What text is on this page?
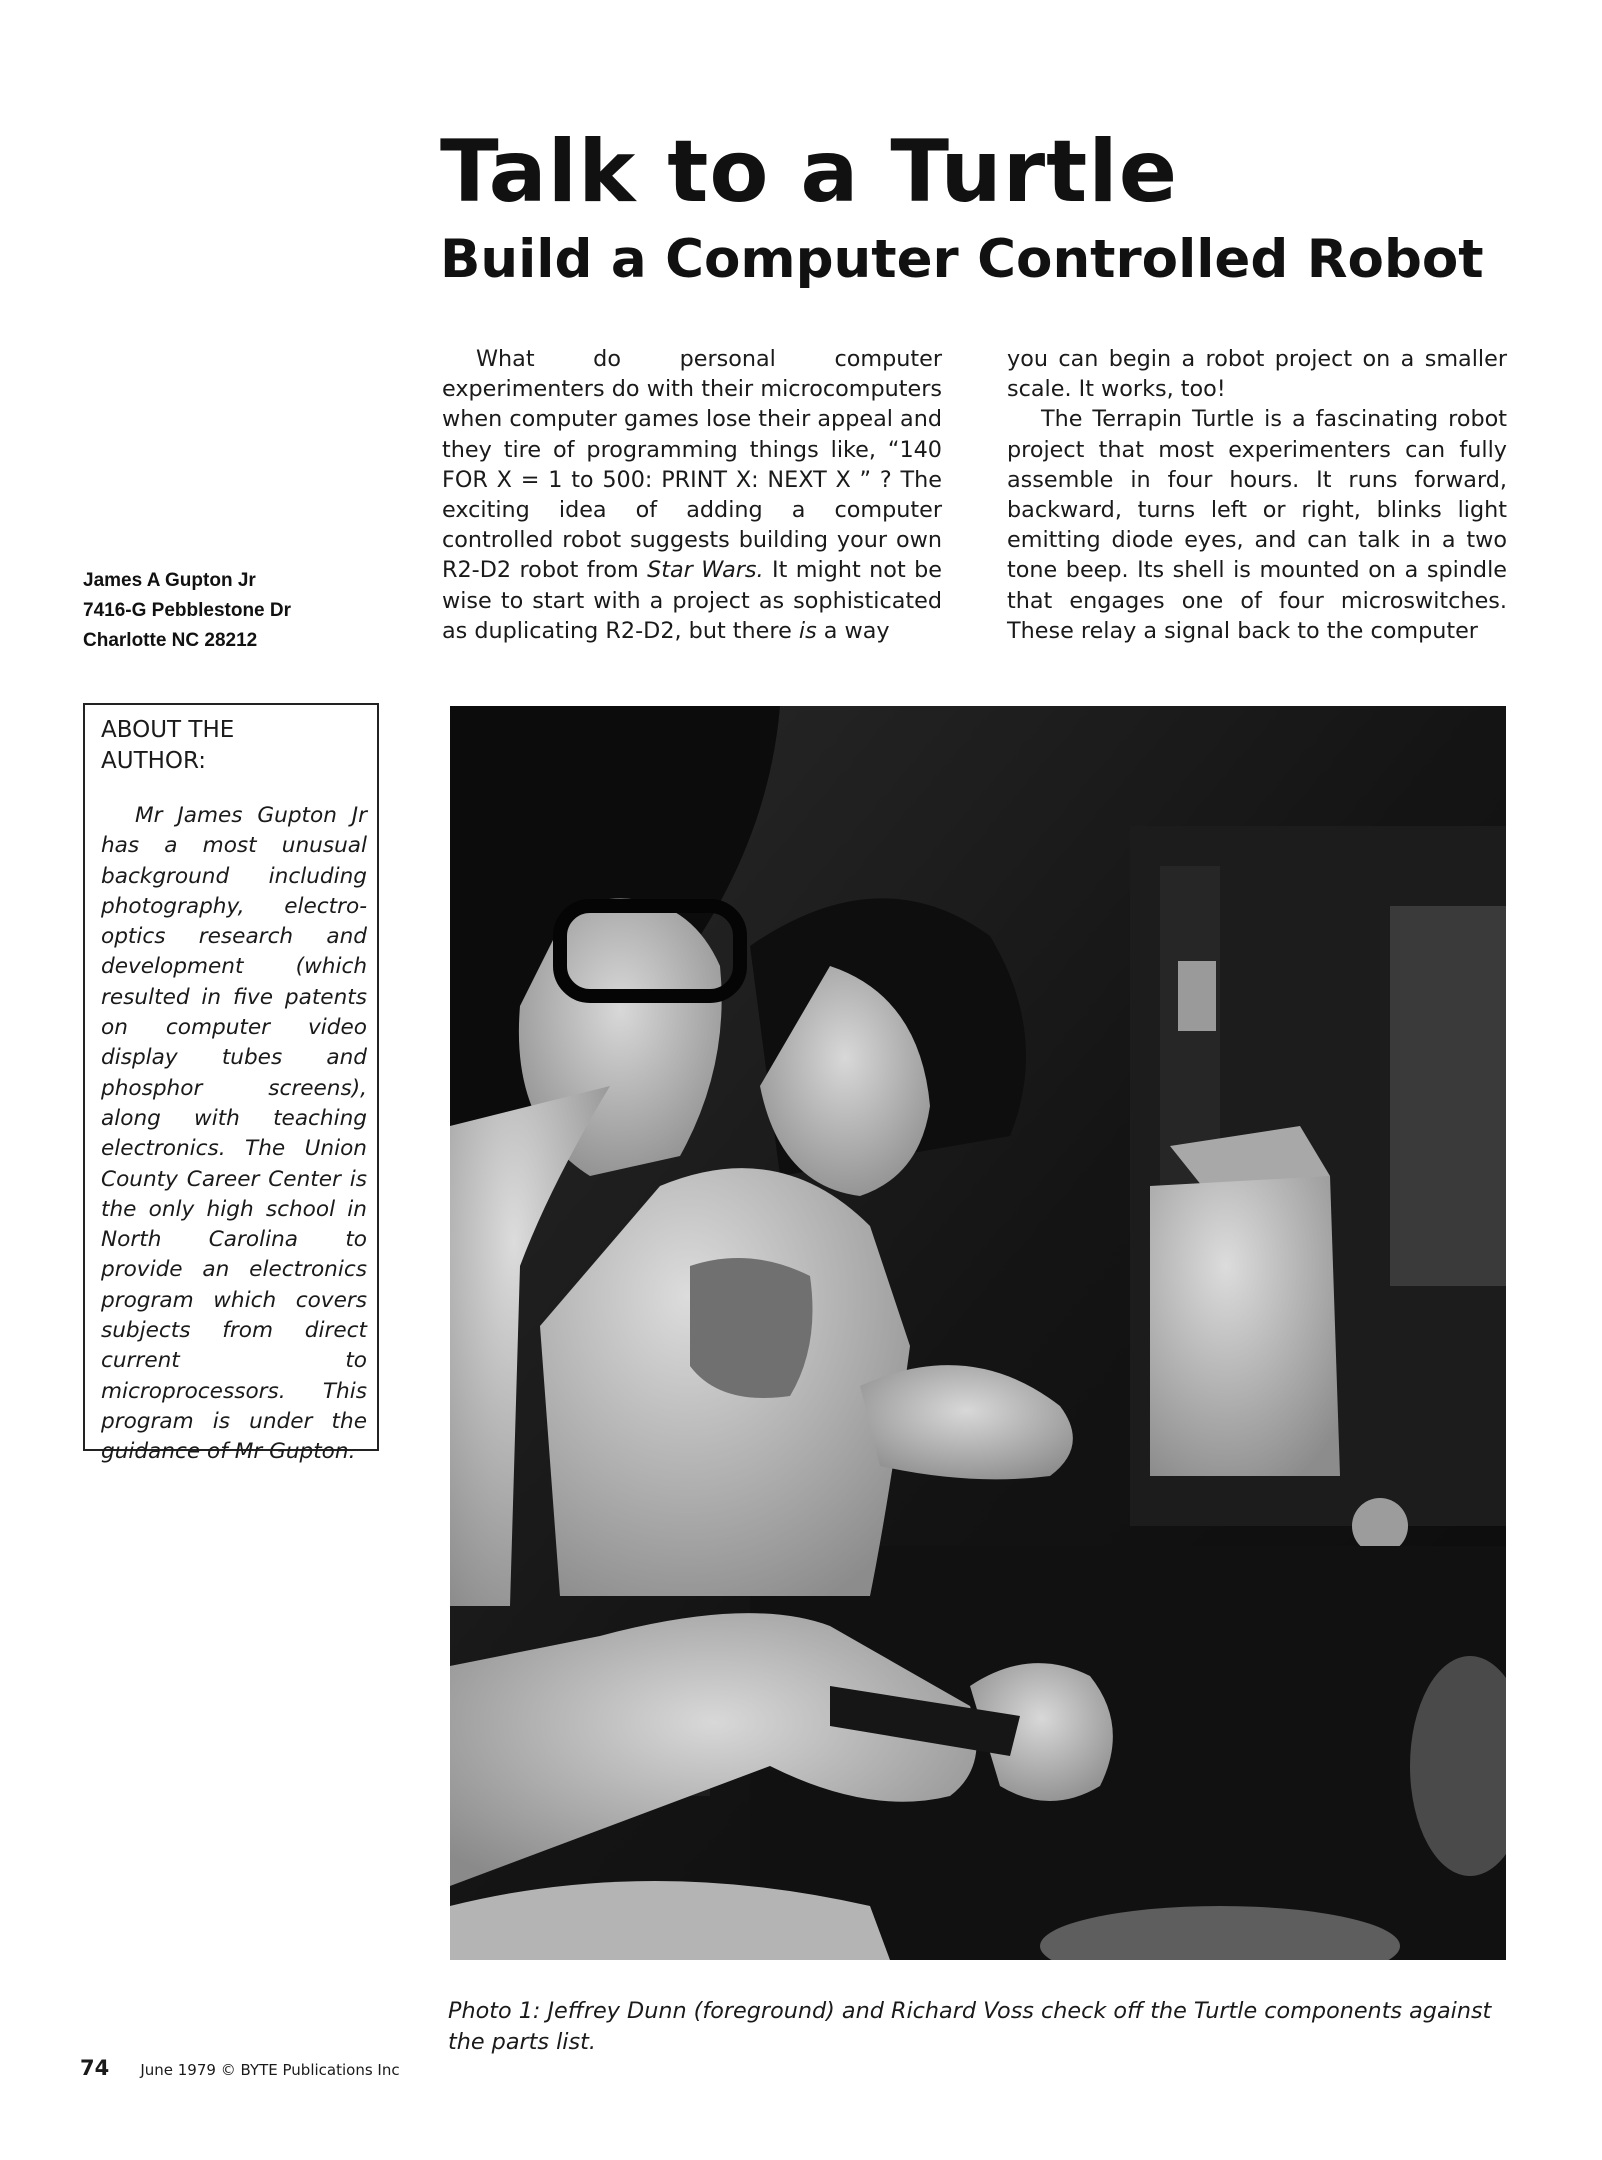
Talk to a Turtle
Build a Computer Controlled Robot
James A Gupton Jr
7416-G Pebblestone Dr
Charlotte NC 28212

What do personal computer experimenters do with their microcomputers when computer games lose their appeal and they tire of programming things like, “140 FOR X = 1 to 500: PRINT X: NEXT X ” ? The exciting idea of adding a computer controlled robot suggests building your own R2-D2 robot from Star Wars. It might not be wise to start with a project as sophisticated as duplicating R2-D2, but there is a way

you can begin a robot project on a smaller scale. It works, too!

The Terrapin Turtle is a fascinating robot project that most experimenters can fully assemble in four hours. It runs forward, backward, turns left or right, blinks light emitting diode eyes, and can talk in a two tone beep. Its shell is mounted on a spindle that engages one of four microswitches. These relay a signal back to the computer

ABOUT THE AUTHOR:

Mr James Gupton Jr has a most unusual background including photography, electro-optics research and development (which resulted in five patents on computer video display tubes and phosphor screens), along with teaching electronics. The Union County Career Center is the only high school in North Carolina to provide an electronics program which covers subjects from direct current to microprocessors. This program is under the guidance of Mr Gupton.

Photo 1: Jeffrey Dunn (foreground) and Richard Voss check off the Turtle components against the parts list.
74 June 1979 © BYTE Publications Inc
